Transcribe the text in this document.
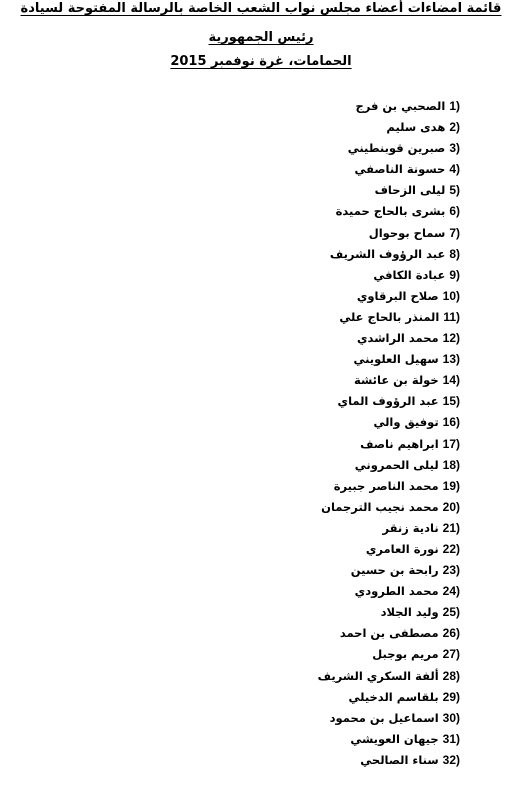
قائمة امضاءات أعضاء مجلس نواب الشعب الخاصة بالرسالة المفتوحة لسيادة
رئيس الجمهورية
الحمامات، غرة نوفمبر 2015
1) الصحبي بن فرج
2) هدى سليم
3) صبرين قوبنطيني
4) حسونة الناصفي
5) ليلى الزحاف
6) بشرى بالحاج حميدة
7) سماح بوحوال
8) عبد الرؤوف الشريف
9) عبادة الكافي
10) صلاح البرقاوي
11) المنذر بالحاج علي
12) محمد الراشدي
13) سهيل العلويني
14) خولة بن عائشة
15) عبد الرؤوف الماي
16) توفيق والي
17) ابراهيم ناصف
18) ليلى الحمروني
19) محمد الناصر جبيرة
20) محمد نجيب الترجمان
21) نادية زنقر
22) نورة العامري
23) رابحة بن حسين
24) محمد الطرودي
25) وليد الجلاد
26) مصطفى بن احمد
27) مريم بوجبل
28) ألفة السكري الشريف
29) بلقاسم الدخيلي
30) اسماعيل بن محمود
31) جيهان العويشي
32) سناء الصالحي
